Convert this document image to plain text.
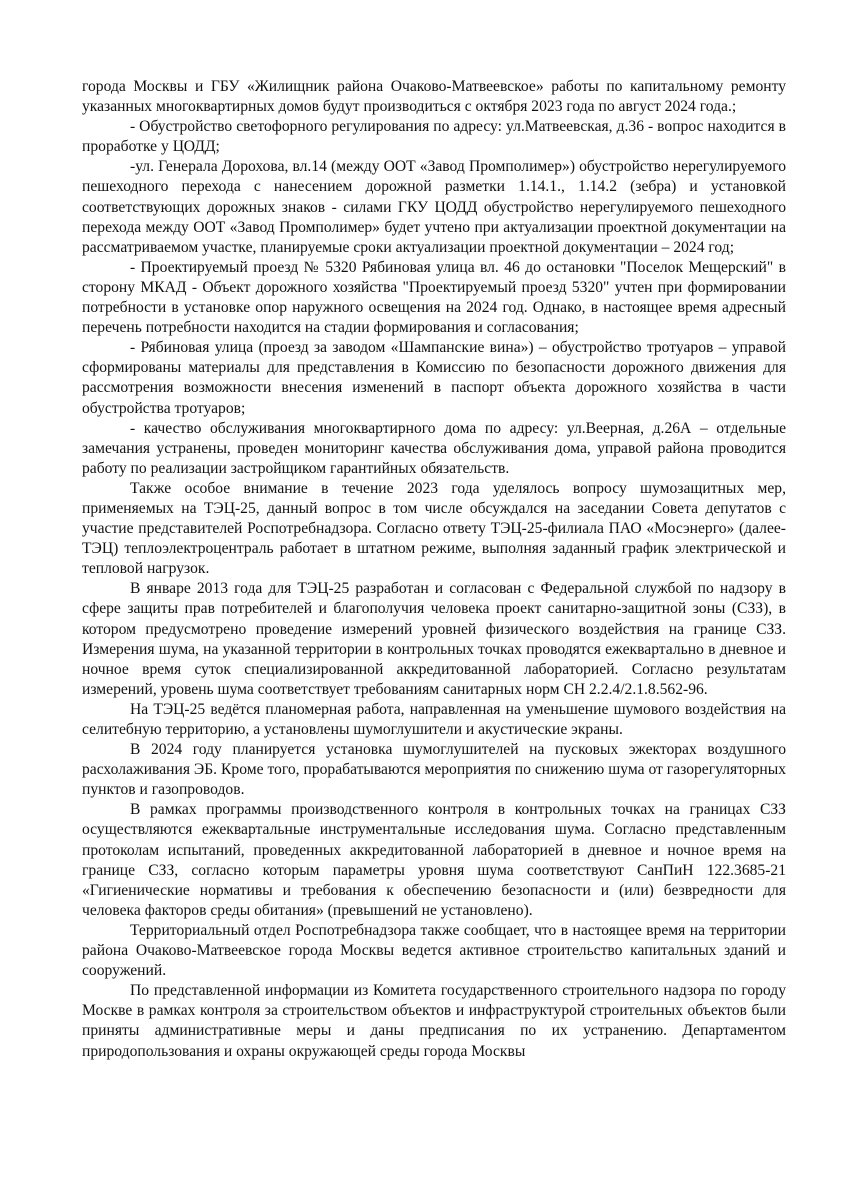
города Москвы и ГБУ «Жилищник района Очаково-Матвеевское» работы по капитальному ремонту указанных многоквартирных домов будут производиться с октября 2023 года по август 2024 года.;

- Обустройство светофорного регулирования по адресу: ул.Матвеевская, д.36 - вопрос находится в проработке у ЦОДД;

-ул. Генерала Дорохова, вл.14 (между ООТ «Завод Промполимер») обустройство нерегулируемого пешеходного перехода с нанесением дорожной разметки 1.14.1., 1.14.2 (зебра) и установкой соответствующих дорожных знаков - силами ГКУ ЦОДД обустройство нерегулируемого пешеходного перехода между ООТ «Завод Промполимер» будет учтено при актуализации проектной документации на рассматриваемом участке, планируемые сроки актуализации проектной документации – 2024 год;

- Проектируемый проезд № 5320 Рябиновая улица вл. 46 до остановки "Поселок Мещерский" в сторону МКАД - Объект дорожного хозяйства "Проектируемый проезд 5320" учтен при формировании потребности в установке опор наружного освещения на 2024 год. Однако, в настоящее время адресный перечень потребности находится на стадии формирования и согласования;

- Рябиновая улица (проезд за заводом «Шампанские вина») – обустройство тротуаров – управой сформированы материалы для представления в Комиссию по безопасности дорожного движения для рассмотрения возможности внесения изменений в паспорт объекта дорожного хозяйства в части обустройства тротуаров;

- качество обслуживания многоквартирного дома по адресу: ул.Веерная, д.26А – отдельные замечания устранены, проведен мониторинг качества обслуживания дома, управой района проводится работу по реализации застройщиком гарантийных обязательств.

Также особое внимание в течение 2023 года уделялось вопросу шумозащитных мер, применяемых на ТЭЦ-25, данный вопрос в том числе обсуждался на заседании Совета депутатов с участие представителей Роспотребнадзора. Согласно ответу ТЭЦ-25-филиала ПАО «Мосэнерго» (далее-ТЭЦ) теплоэлектроцентраль работает в штатном режиме, выполняя заданный график электрической и тепловой нагрузок.

В январе 2013 года для ТЭЦ-25 разработан и согласован с Федеральной службой по надзору в сфере защиты прав потребителей и благополучия человека проект санитарно-защитной зоны (СЗЗ), в котором предусмотрено проведение измерений уровней физического воздействия на границе СЗЗ. Измерения шума, на указанной территории в контрольных точках проводятся ежеквартально в дневное и ночное время суток специализированной аккредитованной лабораторией. Согласно результатам измерений, уровень шума соответствует требованиям санитарных норм СН 2.2.4/2.1.8.562-96.

На ТЭЦ-25 ведётся планомерная работа, направленная на уменьшение шумового воздействия на селитебную территорию, а установлены шумоглушители и акустические экраны.

В 2024 году планируется установка шумоглушителей на пусковых эжекторах воздушного расхолаживания ЭБ. Кроме того, прорабатываются мероприятия по снижению шума от газорегуляторных пунктов и газопроводов.

В рамках программы производственного контроля в контрольных точках на границах СЗЗ осуществляются ежеквартальные инструментальные исследования шума. Согласно представленным протоколам испытаний, проведенных аккредитованной лабораторией в дневное и ночное время на границе СЗЗ, согласно которым параметры уровня шума соответствуют СанПиН 122.3685-21 «Гигиенические нормативы и требования к обеспечению безопасности и (или) безвредности для человека факторов среды обитания» (превышений не установлено).

Территориальный отдел Роспотребнадзора также сообщает, что в настоящее время на территории района Очаково-Матвеевское города Москвы ведется активное строительство капитальных зданий и сооружений.

По представленной информации из Комитета государственного строительного надзора по городу Москве в рамках контроля за строительством объектов и инфраструктурой строительных объектов были приняты административные меры и даны предписания по их устранению. Департаментом природопользования и охраны окружающей среды города Москвы
